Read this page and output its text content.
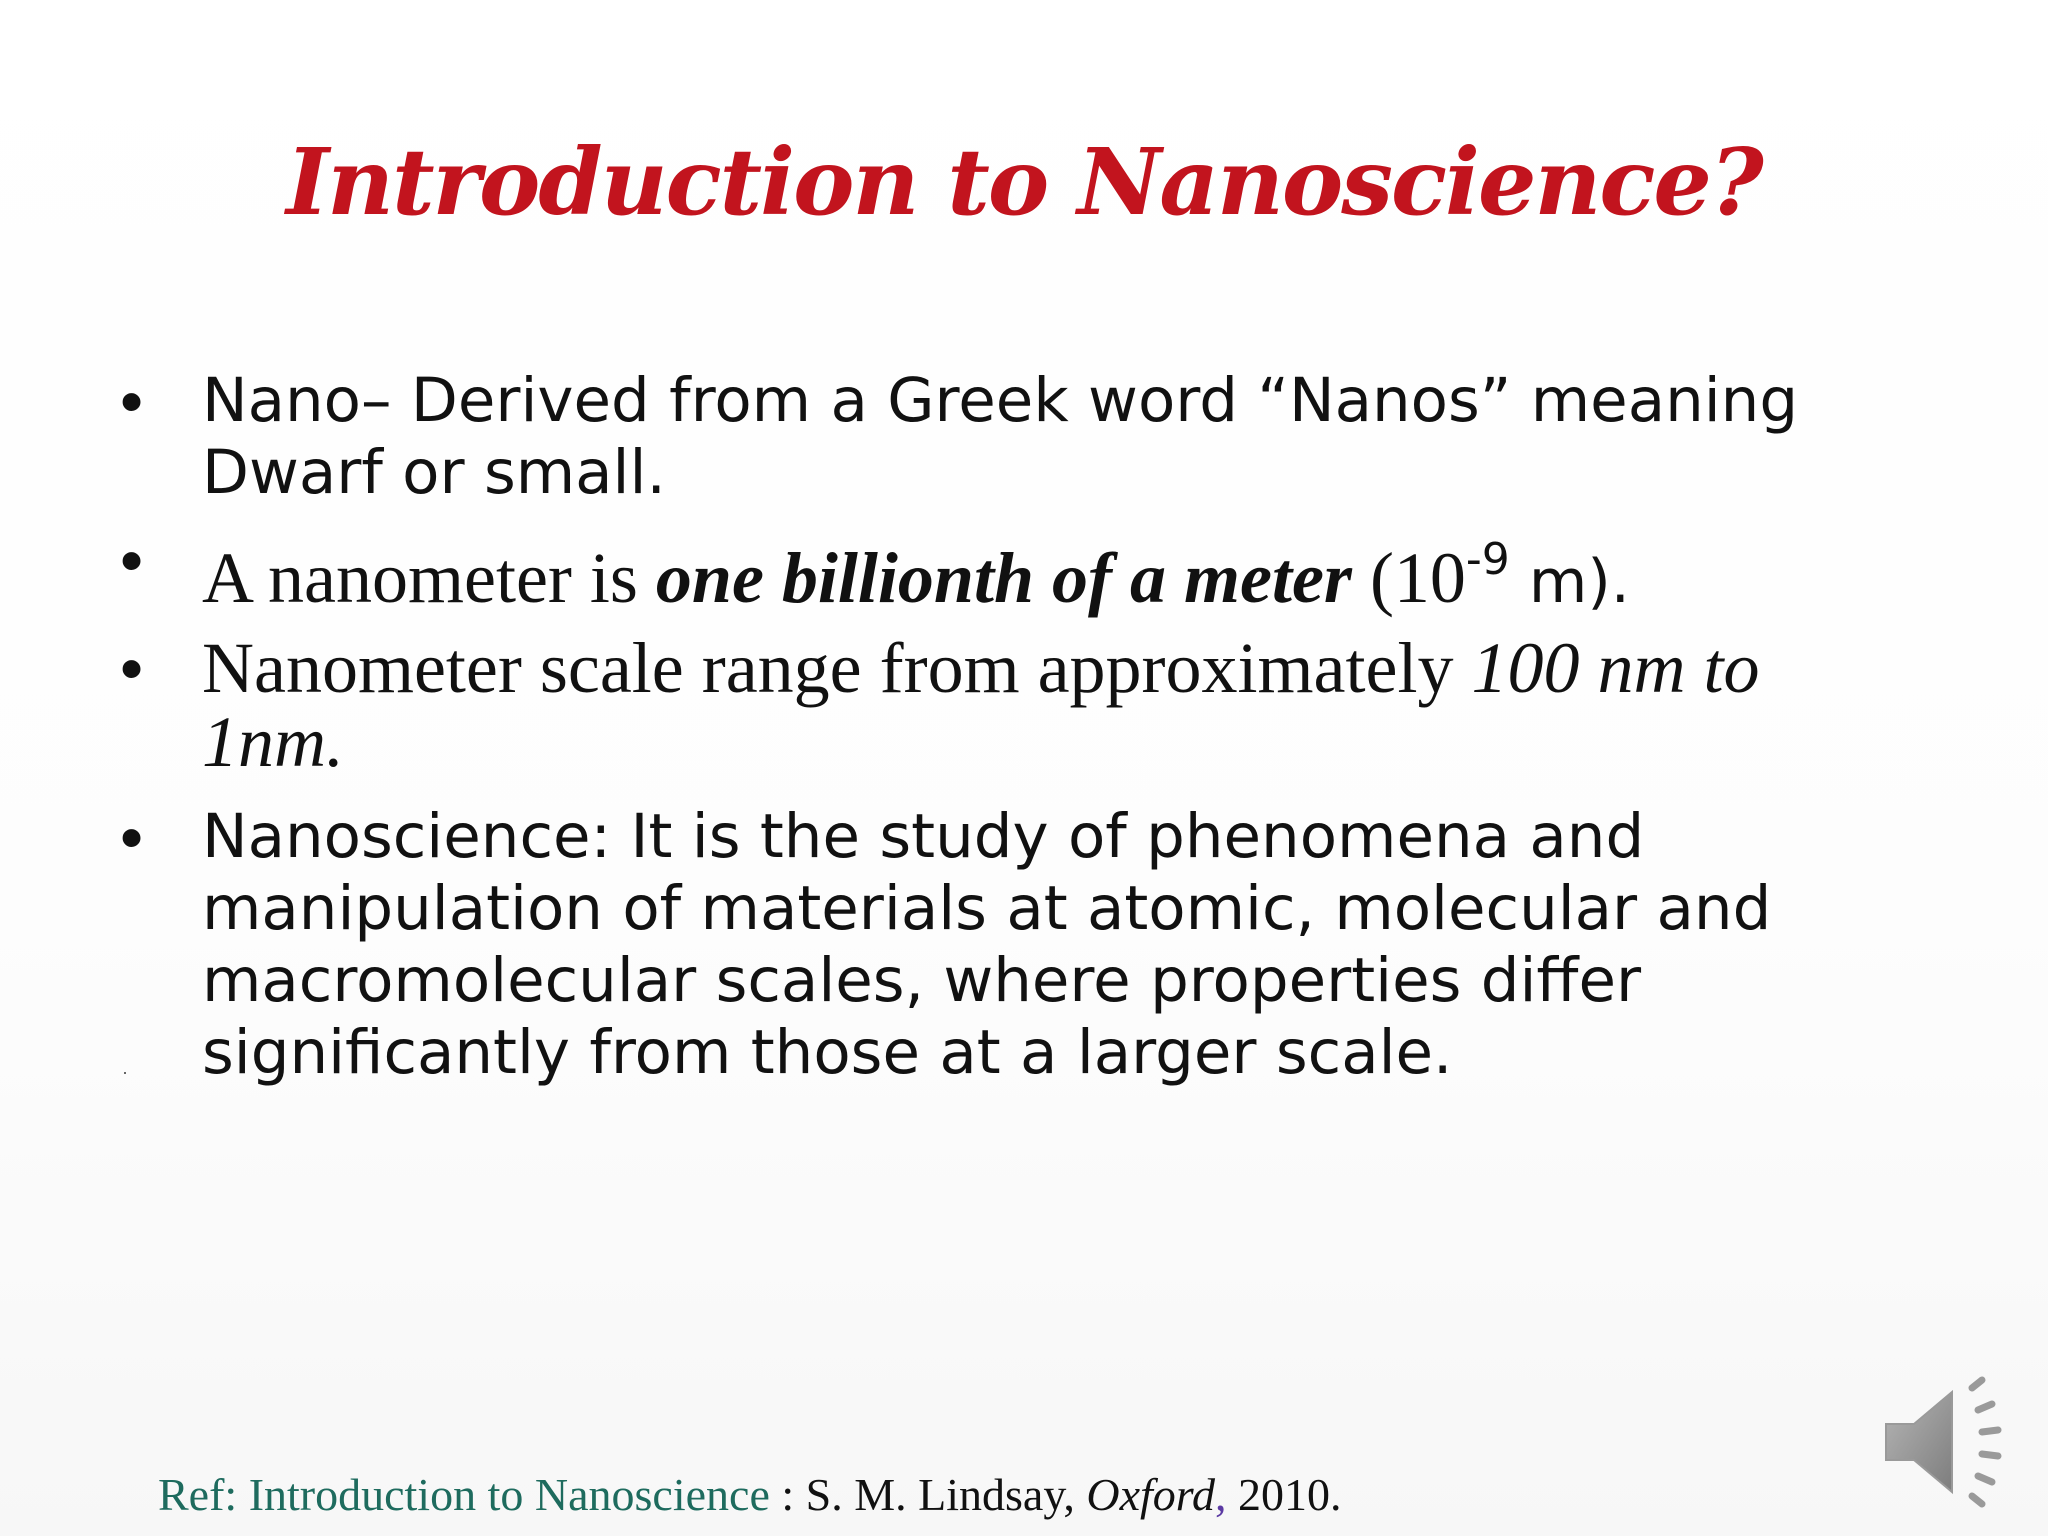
Introduction to Nanoscience?
• Nano– Derived from a Greek word “Nanos” meaning
Dwarf or small.
• A nanometer is one billionth of a meter ($10^{-9}$ m).
• Nanometer scale range from approximately 100 nm to
1nm.
• Nanoscience: It is the study of phenomena and
manipulation of materials at atomic, molecular and
macromolecular scales, where properties differ
significantly from those at a larger scale.
Ref: Introduction to Nanoscience : S. M. Lindsay, Oxford, 2010.
